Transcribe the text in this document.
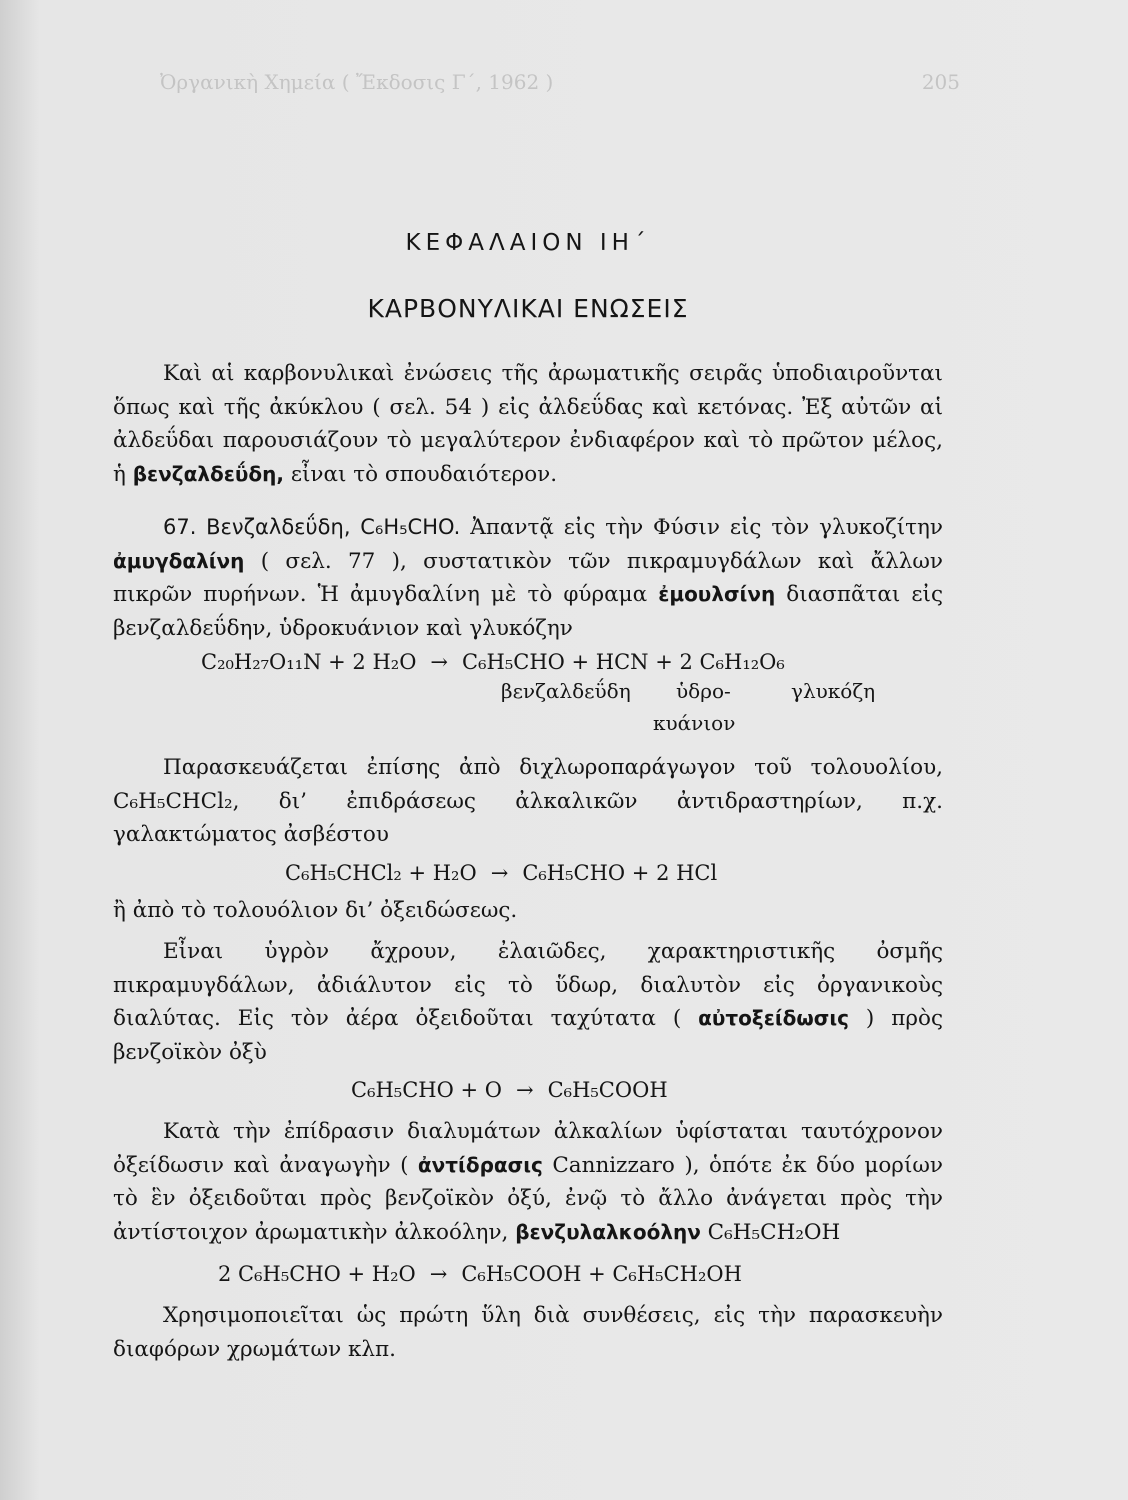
Ὀργανικὴ Χημεία ( Ἔκδοσις Γ΄, 1962 )	205
ΚΕΦΑΛΑΙΟΝ ΙΗ΄
ΚΑΡΒΟΝΥΛΙΚΑΙ ΕΝΩΣΕΙΣ

Καὶ αἱ καρβονυλικαὶ ἐνώσεις τῆς ἀρωματικῆς σειρᾶς ὑποδιαιροῦνται ὅπως καὶ τῆς ἀκύκλου ( σελ. 54 ) εἰς ἀλδεΰδας καὶ κετόνας. Ἐξ αὐτῶν αἱ ἀλδεΰδαι παρουσιάζουν τὸ μεγαλύτερον ἐνδιαφέρον καὶ τὸ πρῶτον μέλος, ἡ βενζαλδεΰδη, εἶναι τὸ σπουδαιότερον.

67. Βενζαλδεΰδη, C₆H₅CHO. Ἀπαντᾷ εἰς τὴν Φύσιν εἰς τὸν γλυκοζίτην ἀμυγδαλίνη ( σελ. 77 ), συστατικὸν τῶν πικραμυγδάλων καὶ ἄλλων πικρῶν πυρήνων. Ἡ ἀμυγδαλίνη μὲ τὸ φύραμα ἐμουλσίνη διασπᾶται εἰς βενζαλδεΰδην, ὑδροκυάνιον καὶ γλυκόζην

C₂₀H₂₇O₁₁N + 2 H₂O → C₆H₅CHO + HCN + 2 C₆H₁₂O₆
βενζαλδεΰδη ὑδρο-
κυάνιον
γλυκόζη

Παρασκευάζεται ἐπίσης ἀπὸ διχλωροπαράγωγον τοῦ τολουολίου, C₆H₅CHCl₂, δι’ ἐπιδράσεως ἀλκαλικῶν ἀντιδραστηρίων, π.χ. γαλακτώματος ἀσβέστου

C₆H₅CHCl₂ + H₂O → C₆H₅CHO + 2 HCl

ἢ ἀπὸ τὸ τολουόλιον δι’ ὀξειδώσεως.

Εἶναι ὑγρὸν ἄχρουν, ἐλαιῶδες, χαρακτηριστικῆς ὀσμῆς πικραμυγδάλων, ἀδιάλυτον εἰς τὸ ὕδωρ, διαλυτὸν εἰς ὀργανικοὺς διαλύτας. Εἰς τὸν ἀέρα ὀξειδοῦται ταχύτατα ( αὐτοξείδωσις ) πρὸς βενζοϊκὸν ὀξὺ

C₆H₅CHO + O → C₆H₅COOH

Κατὰ τὴν ἐπίδρασιν διαλυμάτων ἀλκαλίων ὑφίσταται ταυτόχρονον ὀξείδωσιν καὶ ἀναγωγὴν ( ἀντίδρασις Cannizzaro ), ὁπότε ἐκ δύο μορίων τὸ ἓν ὀξειδοῦται πρὸς βενζοϊκὸν ὀξύ, ἐνῷ τὸ ἄλλο ἀνάγεται πρὸς τὴν ἀντίστοιχον ἀρωματικὴν ἀλκοόλην, βενζυλαλκοόλην C₆H₅CH₂OH

2 C₆H₅CHO + H₂O → C₆H₅COOH + C₆H₅CH₂OH

Χρησιμοποιεῖται ὡς πρώτη ὕλη διὰ συνθέσεις, εἰς τὴν παρασκευὴν διαφόρων χρωμάτων κλπ.
